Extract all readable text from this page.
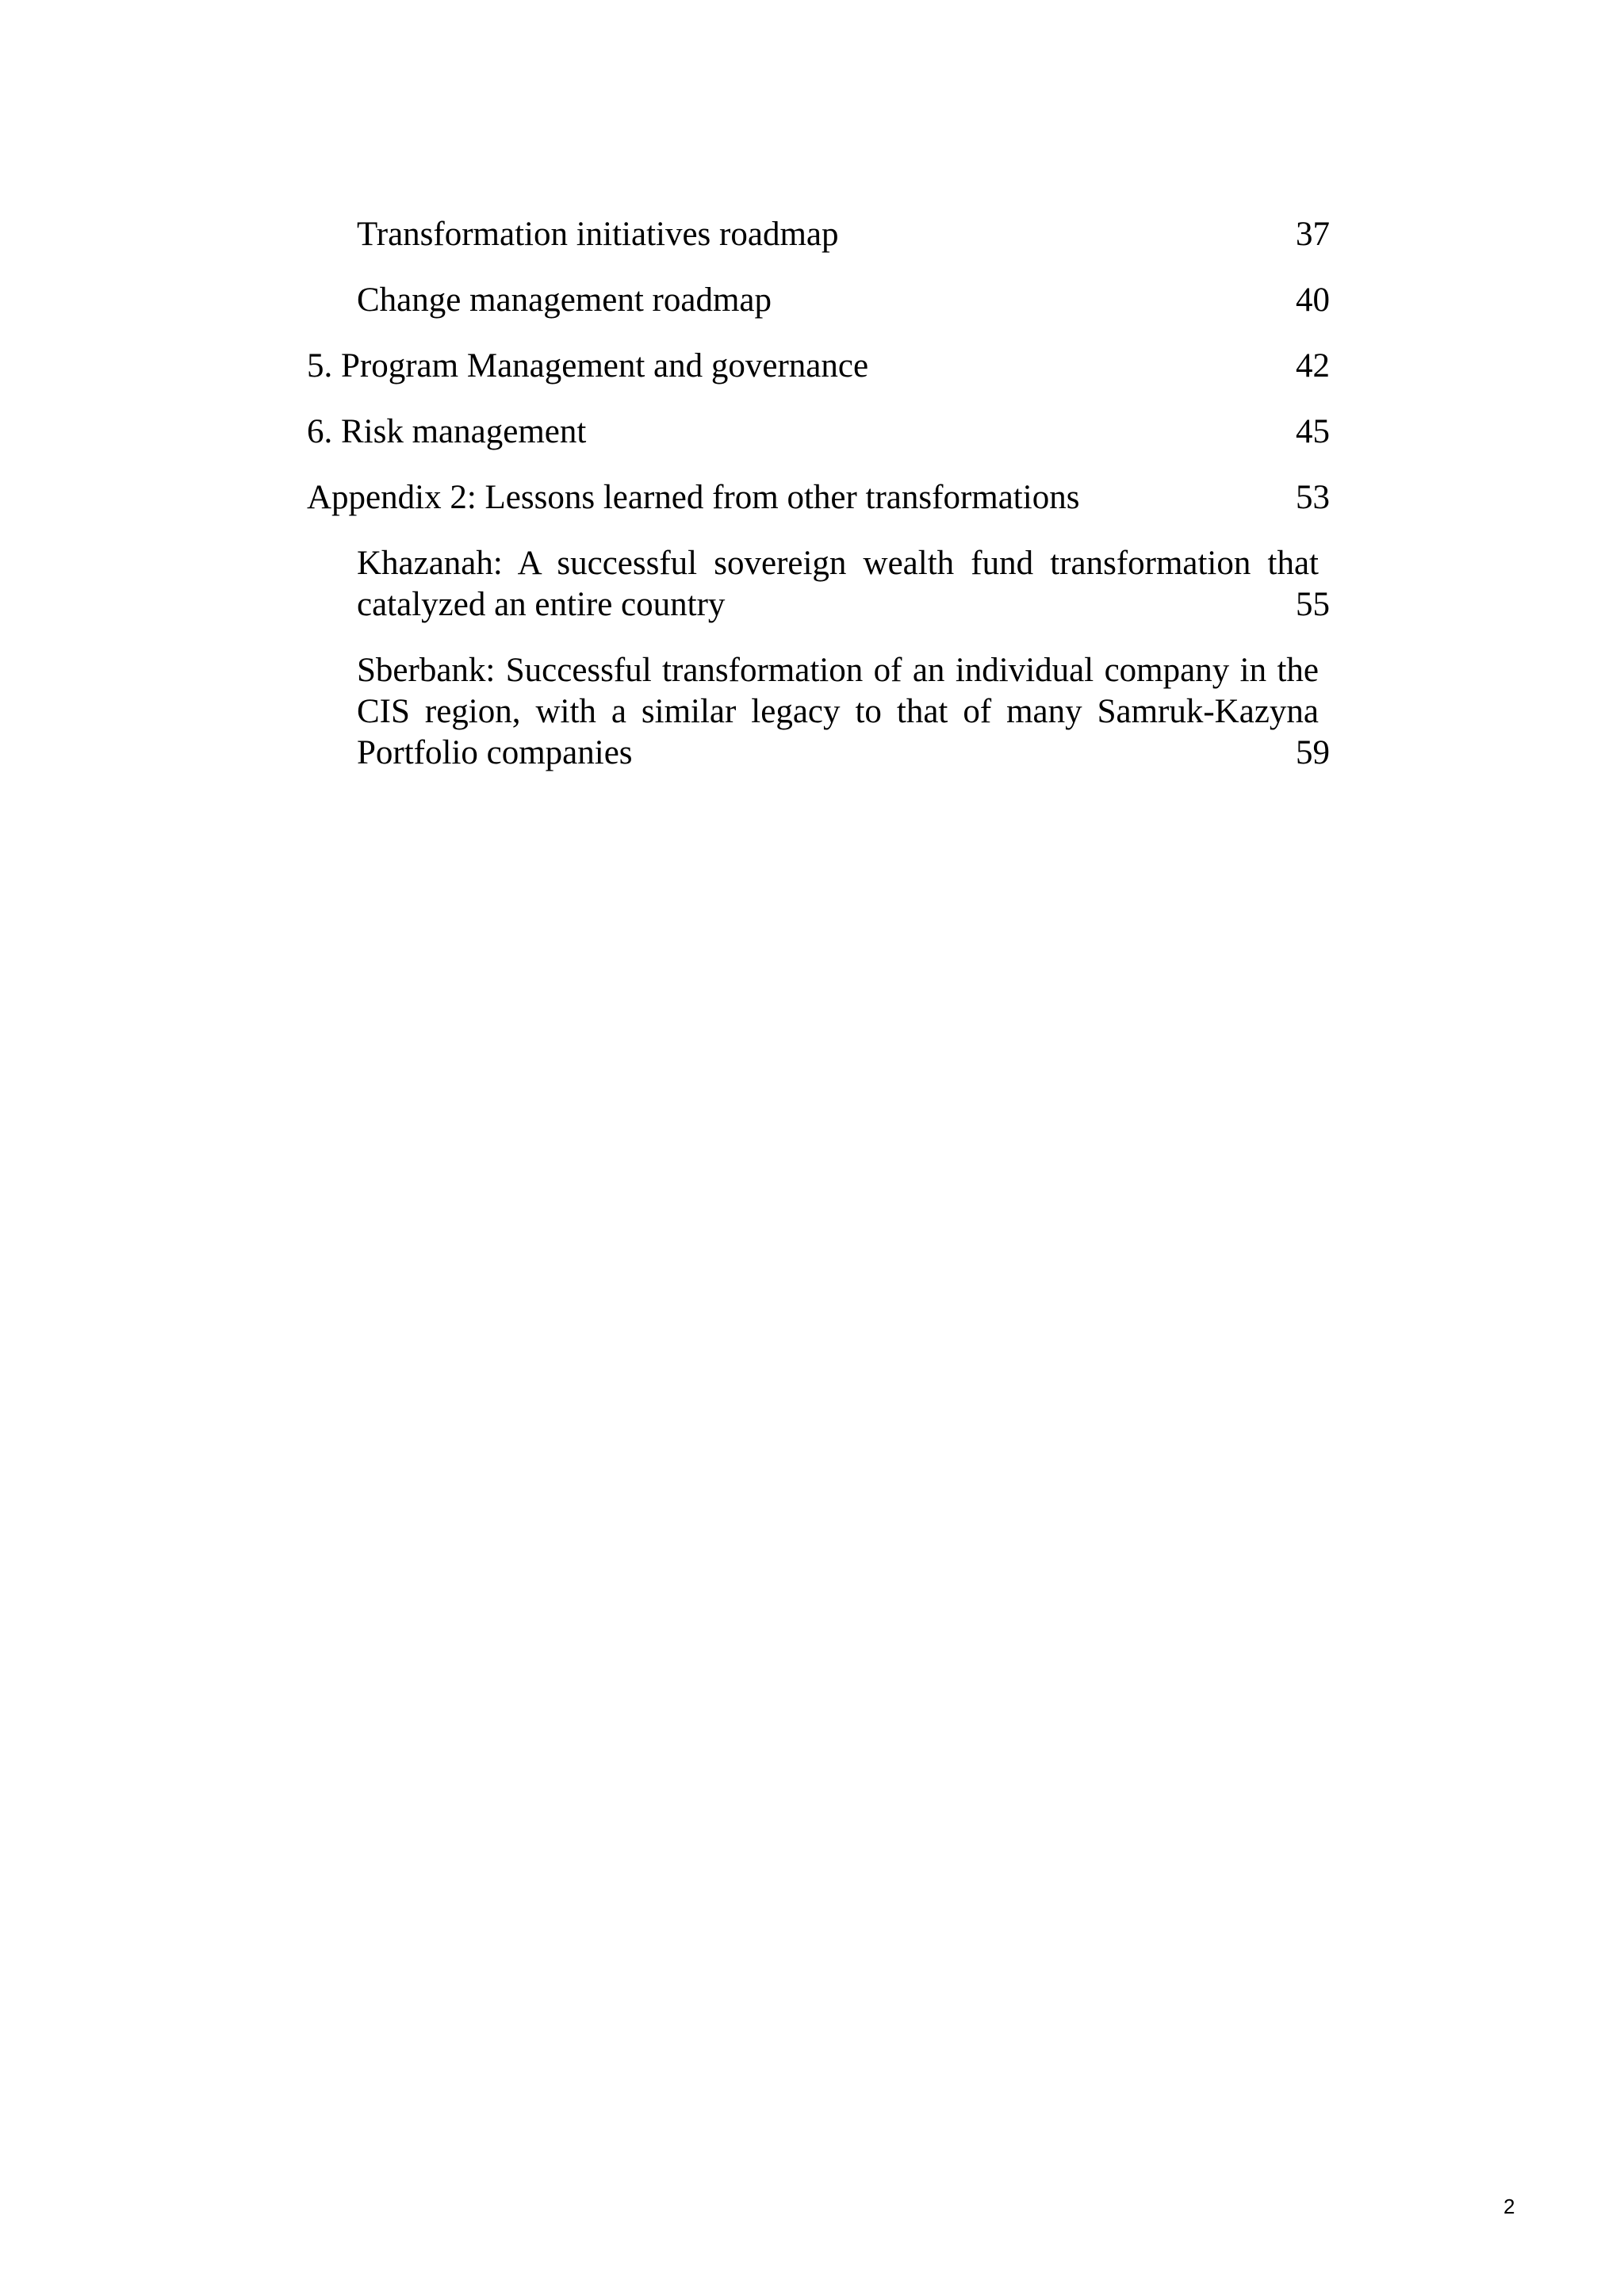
Transformation initiatives roadmap	37
Change management roadmap	40
5. Program Management and governance	42
6. Risk management	45
Appendix 2: Lessons learned from other transformations	53
Khazanah: A successful sovereign wealth fund transformation that catalyzed an entire country	55
Sberbank: Successful transformation of an individual company in the CIS region, with a similar legacy to that of many Samruk-Kazyna Portfolio companies	59
2
